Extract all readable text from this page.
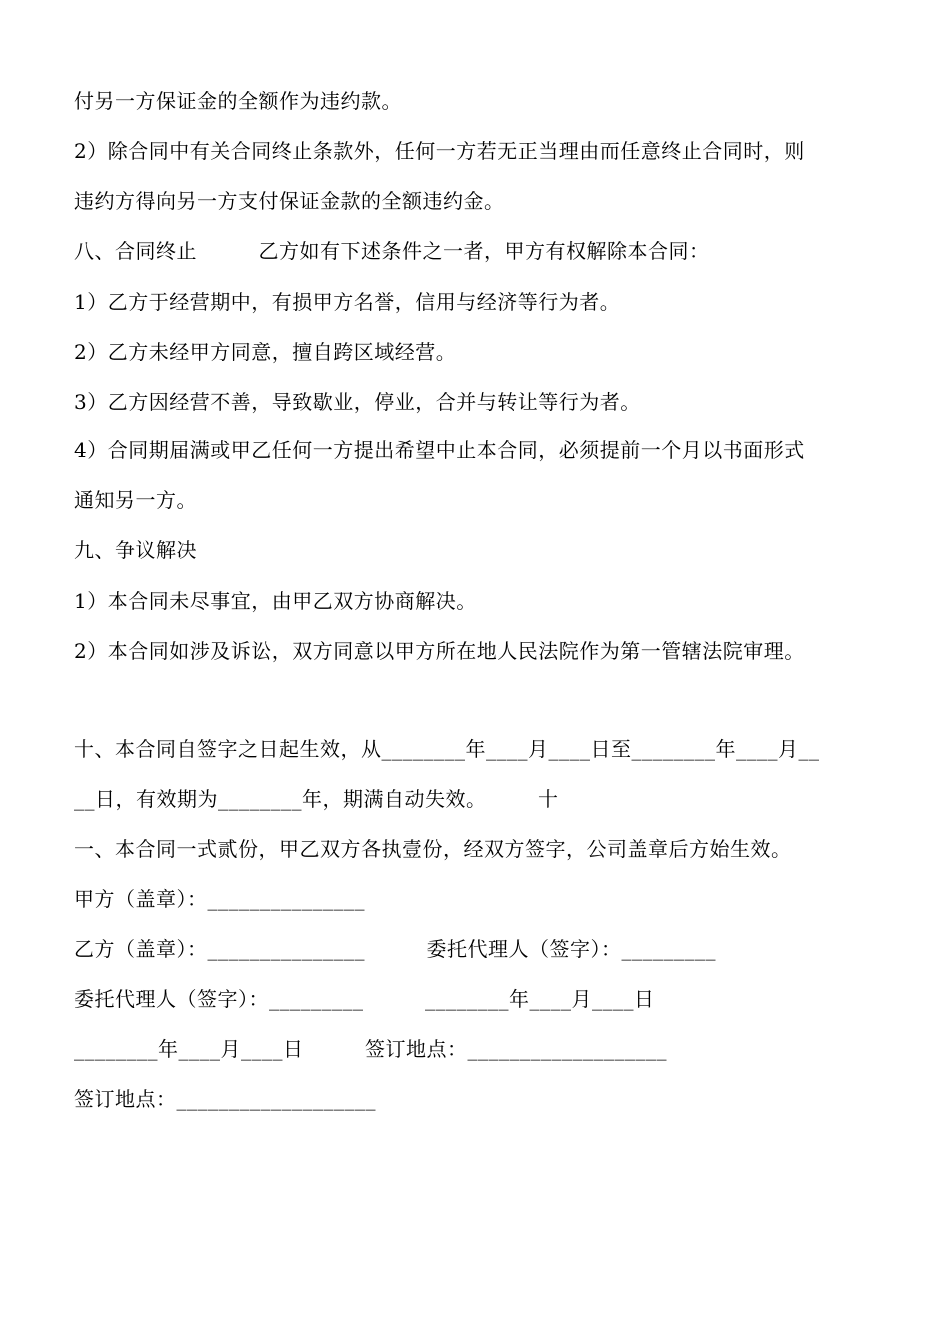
付另一方保证金的全额作为违约款。
2）除合同中有关合同终止条款外，任何一方若无正当理由而任意终止合同时，则
违约方得向另一方支付保证金款的全额违约金。
八、合同终止　　　乙方如有下述条件之一者，甲方有权解除本合同：
1）乙方于经营期中，有损甲方名誉，信用与经济等行为者。
2）乙方未经甲方同意，擅自跨区域经营。
3）乙方因经营不善，导致歇业，停业，合并与转让等行为者。
4）合同期届满或甲乙任何一方提出希望中止本合同，必须提前一个月以书面形式
通知另一方。
九、争议解决
1）本合同未尽事宜，由甲乙双方协商解决。
2）本合同如涉及诉讼，双方同意以甲方所在地人民法院作为第一管辖法院审理。
十、本合同自签字之日起生效，从________年____月____日至________年____月__
__日，有效期为________年，期满自动失效。　　　十
一、本合同一式贰份，甲乙双方各执壹份，经双方签字，公司盖章后方始生效。
甲方（盖章）：_______________
乙方（盖章）：_______________　　　委托代理人（签字）：_________
委托代理人（签字）：_________　　　________年____月____日
________年____月____日　　　签订地点：___________________
签订地点：___________________
